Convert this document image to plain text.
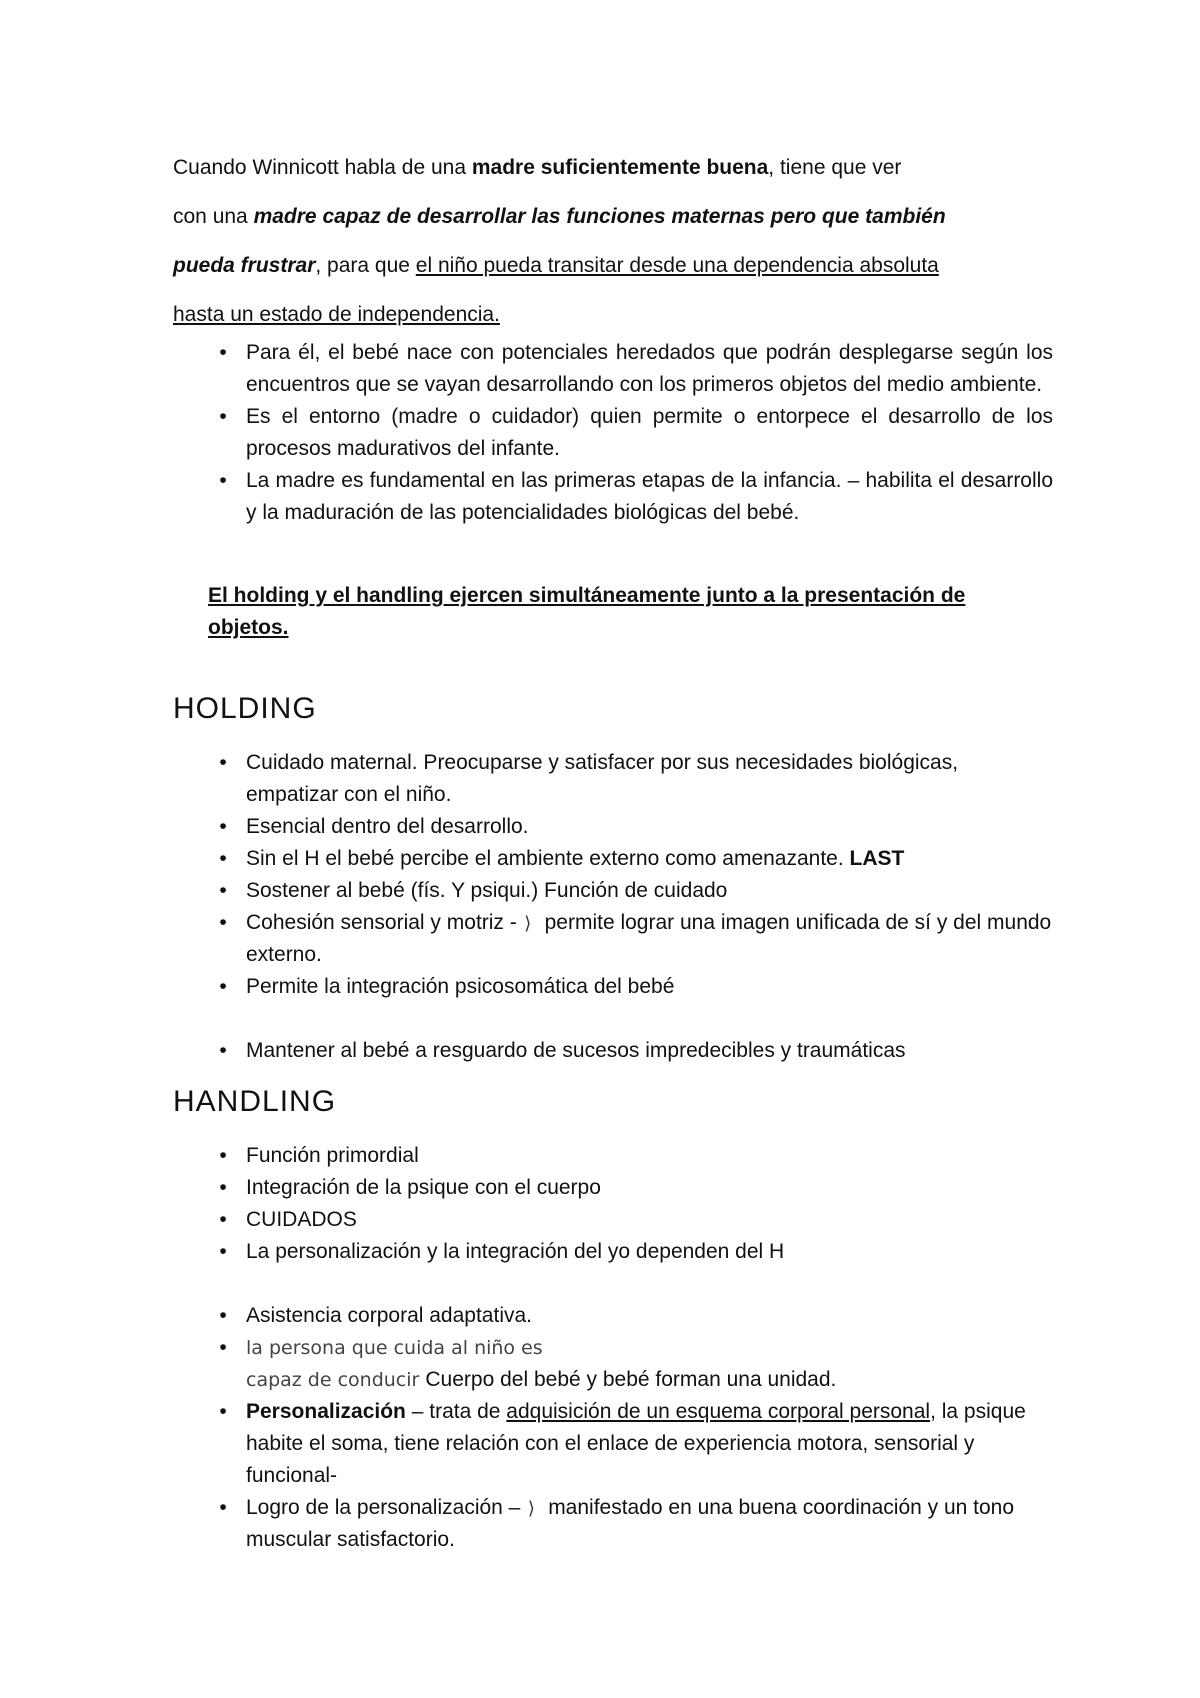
Cuando Winnicott habla de una madre suficientemente buena, tiene que ver

con una madre capaz de desarrollar las funciones maternas pero que también

pueda frustrar, para que el niño pueda transitar desde una dependencia absoluta

hasta un estado de independencia.

• Para él, el bebé nace con potenciales heredados que podrán desplegarse según los encuentros que se vayan desarrollando con los primeros objetos del medio ambiente.
• Es el entorno (madre o cuidador) quien permite o entorpece el desarrollo de los procesos madurativos del infante.
• La madre es fundamental en las primeras etapas de la infancia. – habilita el desarrollo y la maduración de las potencialidades biológicas del bebé.
El holding y el handling ejercen simultáneamente junto a la presentación de objetos.
HOLDING
• Cuidado maternal. Preocuparse y satisfacer por sus necesidades biológicas, empatizar con el niño.
• Esencial dentro del desarrollo.
• Sin el H el bebé percibe el ambiente externo como amenazante. LAST
• Sostener al bebé (fís. Y psiqui.) Función de cuidado
• Cohesión sensorial y motriz - ⟩ permite lograr una imagen unificada de sí y del mundo externo.
• Permite la integración psicosomática del bebé
• Mantener al bebé a resguardo de sucesos impredecibles y traumáticas
HANDLING
• Función primordial
• Integración de la psique con el cuerpo
• CUIDADOS
• La personalización y la integración del yo dependen del H
• Asistencia corporal adaptativa.
•	la persona que cuida al niño es
capaz de conducir Cuerpo del bebé y bebé forman una unidad.
• Personalización – trata de adquisición de un esquema corporal personal, la psique habite el soma, tiene relación con el enlace de experiencia motora, sensorial y funcional-
• Logro de la personalización – ⟩ manifestado en una buena coordinación y un tono muscular satisfactorio.
